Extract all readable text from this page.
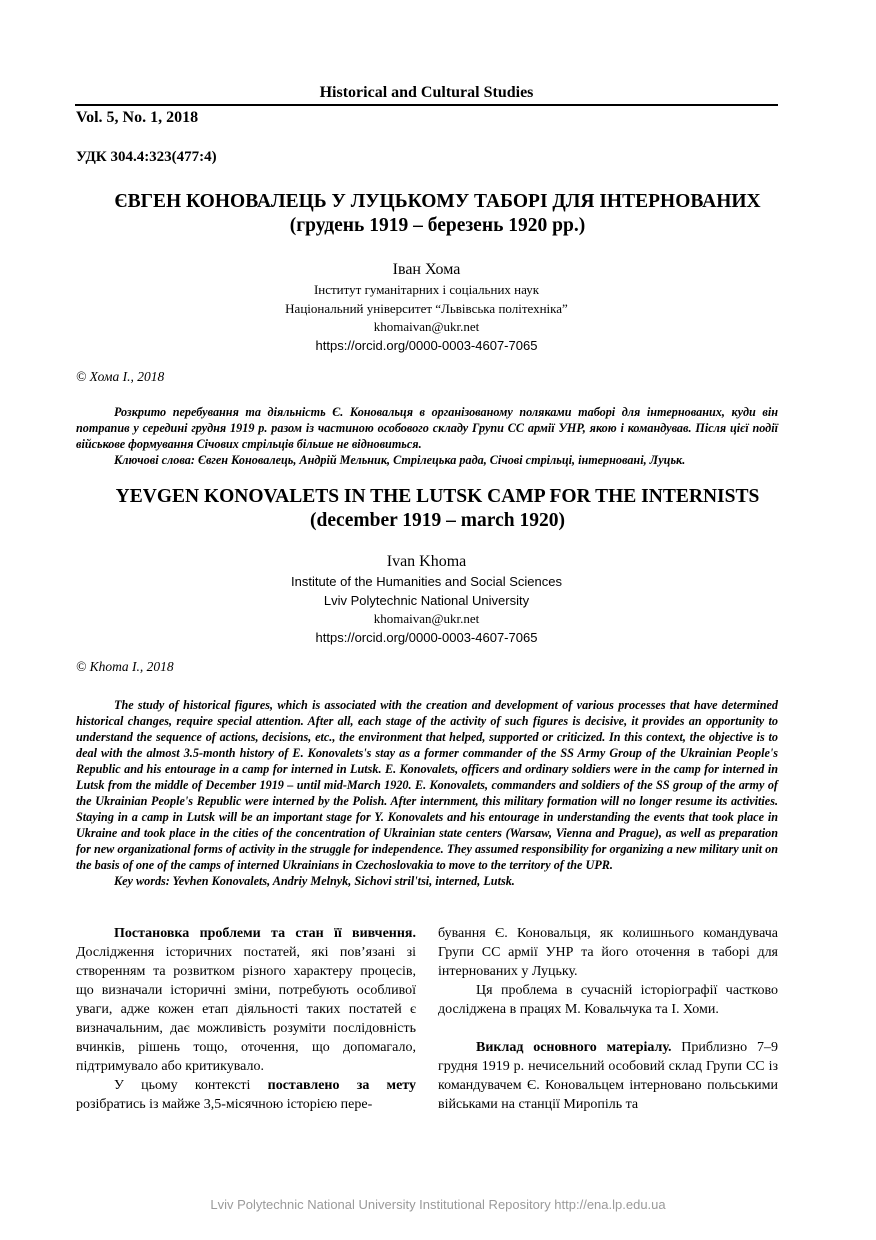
Historical and Cultural Studies
Vol. 5, No. 1, 2018
УДК 304.4:323(477:4)
ЄВГЕН КОНОВАЛЕЦЬ У ЛУЦЬКОМУ ТАБОРІ ДЛЯ ІНТЕРНОВАНИХ
(грудень 1919 – березень 1920 рр.)
Іван Хома
Інститут гуманітарних і соціальних наук
Національний університет “Львівська політехніка”
khomaivan@ukr.net
https://orcid.org/0000-0003-4607-7065
© Хома І., 2018

Розкрито перебування та діяльність Є. Коновальця в організованому поляками таборі для інтернованих, куди він потрапив у середині грудня 1919 р. разом із частиною особового складу Групи СС армії УНР, якою і командував. Після цієї події військове формування Січових стрільців більше не відновиться.

Ключові слова: Євген Коновалець, Андрій Мельник, Стрілецька рада, Січові стрільці, інтерновані, Луцьк.

YEVGEN KONOVALETS IN THE LUTSK CAMP FOR THE INTERNISTS
(december 1919 – march 1920)
Ivan Khoma
Institute of the Humanities and Social Sciences
Lviv Polytechnic National University
khomaivan@ukr.net
https://orcid.org/0000-0003-4607-7065
© Khoma I., 2018

The study of historical figures, which is associated with the creation and development of various processes that have determined historical changes, require special attention. After all, each stage of the activity of such figures is decisive, it provides an opportunity to understand the sequence of actions, decisions, etc., the environment that helped, supported or criticized. In this context, the objective is to deal with the almost 3.5-month history of E. Konovalets's stay as a former commander of the SS Army Group of the Ukrainian People's Republic and his entourage in a camp for interned in Lutsk. E. Konovalets, officers and ordinary soldiers were in the camp for interned in Lutsk from the middle of December 1919 – until mid-March 1920. E. Konovalets, commanders and soldiers of the SS group of the army of the Ukrainian People's Republic were interned by the Polish. After internment, this military formation will no longer resume its activities. Staying in a camp in Lutsk will be an important stage for Y. Konovalets and his entourage in understanding the events that took place in Ukraine and took place in the cities of the concentration of Ukrainian state centers (Warsaw, Vienna and Prague), as well as preparation for new organizational forms of activity in the struggle for independence. They assumed responsibility for organizing a new military unit on the basis of one of the camps of interned Ukrainians in Czechoslovakia to move to the territory of the UPR.

Key words: Yevhen Konovalets, Andriy Melnyk, Sichovi stril'tsi, interned, Lutsk.

Постановка проблеми та стан її вивчення. Дослідження історичних постатей, які пов’язані зі створенням та розвитком різного характеру процесів, що визначали історичні зміни, потребують особливої уваги, адже кожен етап діяльності таких постатей є визначальним, дає можливість розуміти послідовність вчинків, рішень тощо, оточення, що допомагало, підтримувало або критикувало.

У цьому контексті поставлено за мету розібратись із майже 3,5-місячною історією пере-

бування Є. Коновальця, як колишнього командувача Групи СС армії УНР та його оточення в таборі для інтернованих у Луцьку.

Ця проблема в сучасній історіографії частково досліджена в працях М. Ковальчука та І. Хоми.

Виклад основного матеріалу. Приблизно 7–9 грудня 1919 р. нечисельний особовий склад Групи СС із командувачем Є. Коновальцем інтерновано польськими військами на станції Миропіль та

Lviv Polytechnic National University Institutional Repository http://ena.lp.edu.ua
